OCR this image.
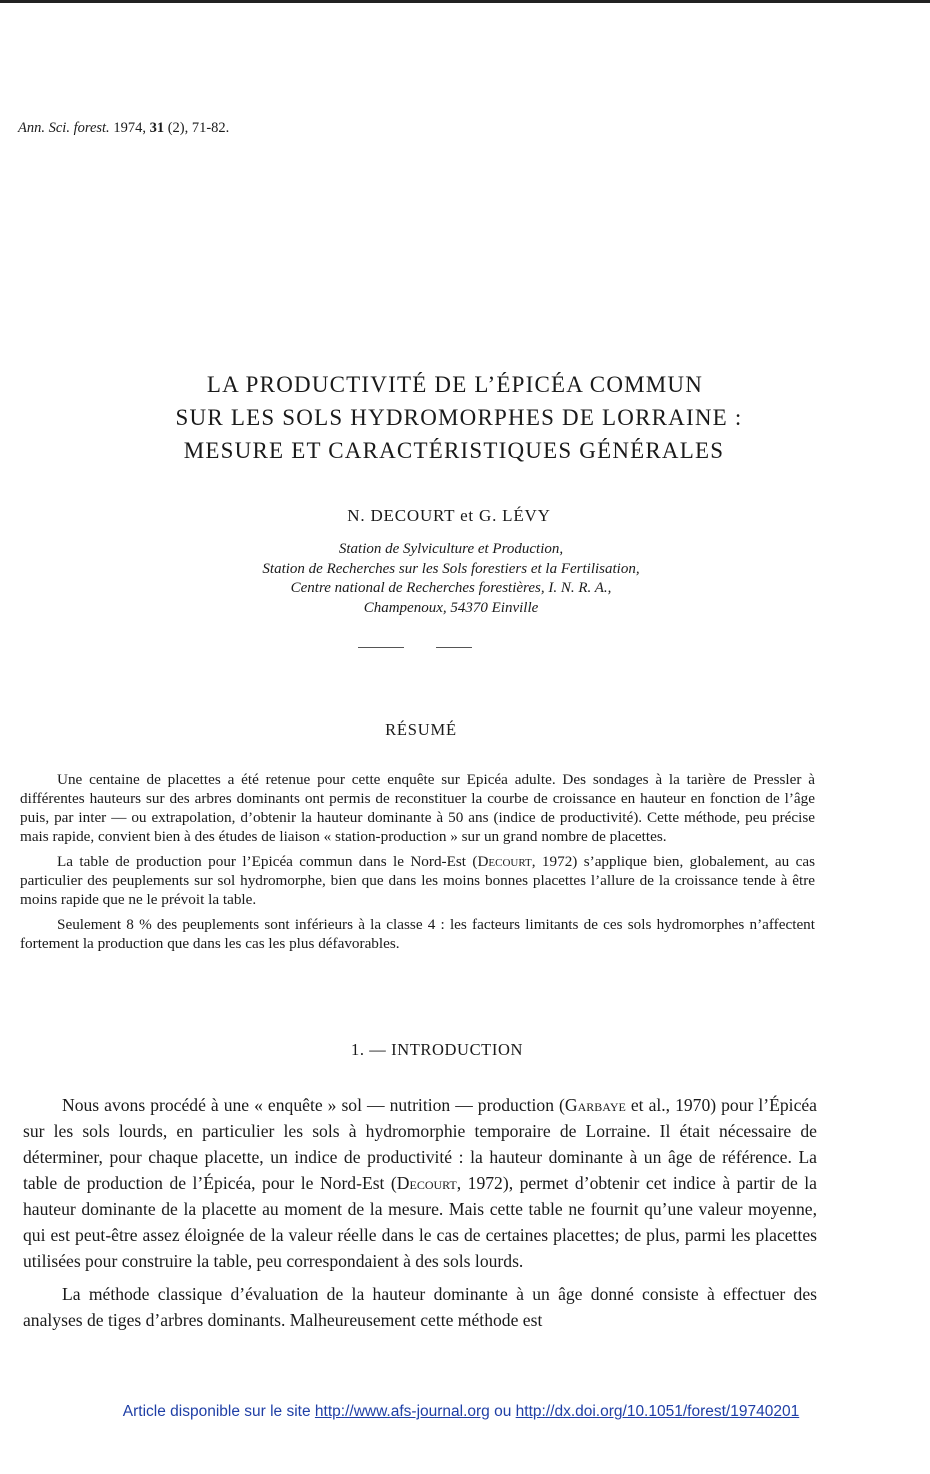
Ann. Sci. forest. 1974, 31 (2), 71-82.
LA PRODUCTIVITÉ DE L’ÉPICÉA COMMUN
SUR LES SOLS HYDROMORPHES DE LORRAINE :
MESURE ET CARACTÉRISTIQUES GÉNÉRALES
N. DECOURT et G. LÉVY
Station de Sylviculture et Production,
Station de Recherches sur les Sols forestiers et la Fertilisation,
Centre national de Recherches forestières, I. N. R. A.,
Champenoux, 54370 Einville
RÉSUMÉ

Une centaine de placettes a été retenue pour cette enquête sur Epicéa adulte. Des sondages à la tarière de Pressler à différentes hauteurs sur des arbres dominants ont permis de reconstituer la courbe de croissance en hauteur en fonction de l’âge puis, par inter — ou extrapolation, d’obtenir la hauteur dominante à 50 ans (indice de productivité). Cette méthode, peu précise mais rapide, convient bien à des études de liaison « station-production » sur un grand nombre de placettes.

La table de production pour l’Epicéa commun dans le Nord-Est (Decourt, 1972) s’applique bien, globalement, au cas particulier des peuplements sur sol hydromorphe, bien que dans les moins bonnes placettes l’allure de la croissance tende à être moins rapide que ne le prévoit la table.

Seulement 8 % des peuplements sont inférieurs à la classe 4 : les facteurs limitants de ces sols hydromorphes n’affectent fortement la production que dans les cas les plus défavorables.

1. — INTRODUCTION

Nous avons procédé à une « enquête » sol — nutrition — production (Garbaye et al., 1970) pour l’Épicéa sur les sols lourds, en particulier les sols à hydromorphie temporaire de Lorraine. Il était nécessaire de déterminer, pour chaque placette, un indice de productivité : la hauteur dominante à un âge de référence. La table de production de l’Épicéa, pour le Nord-Est (Decourt, 1972), permet d’obtenir cet indice à partir de la hauteur dominante de la placette au moment de la mesure. Mais cette table ne fournit qu’une valeur moyenne, qui est peut-être assez éloignée de la valeur réelle dans le cas de certaines placettes; de plus, parmi les placettes utilisées pour construire la table, peu correspondaient à des sols lourds.

La méthode classique d’évaluation de la hauteur dominante à un âge donné consiste à effectuer des analyses de tiges d’arbres dominants. Malheureusement cette méthode est

Article disponible sur le site http://www.afs-journal.org ou http://dx.doi.org/10.1051/forest/19740201
